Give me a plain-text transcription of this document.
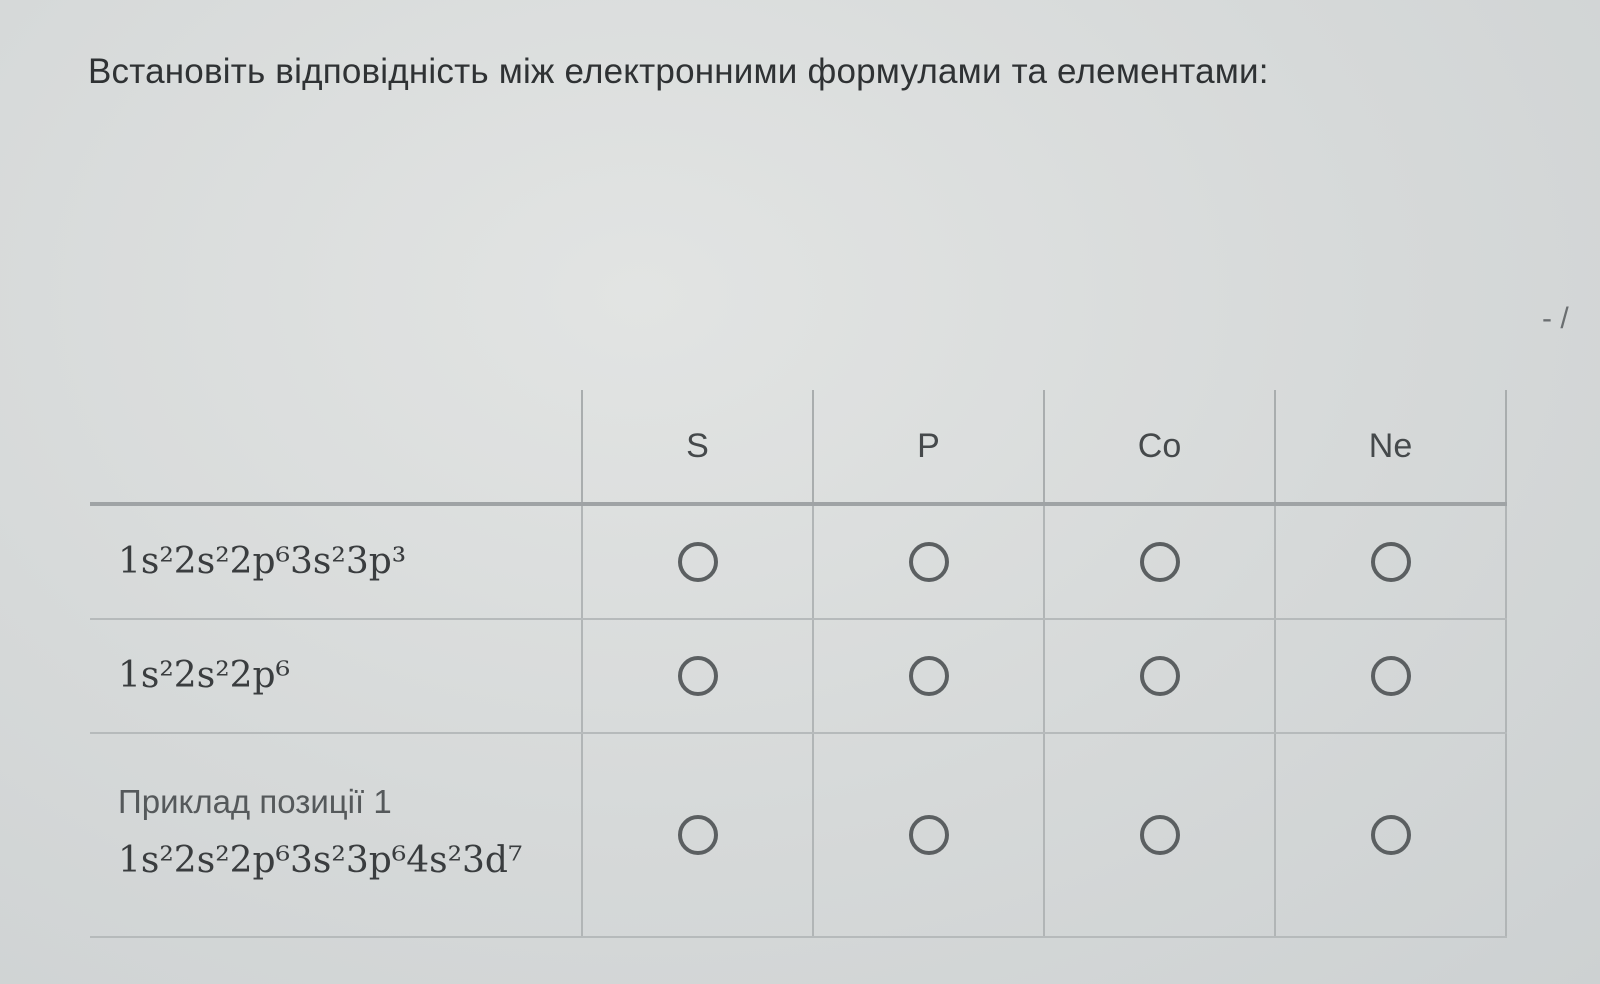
Встановіть відповідність між електронними формулами та елементами:
- /
	S	P	Co	Ne

1s²2s²2p⁶3s²3p³				

1s²2s²2p⁶				

Приклад позиції 1
1s²2s²2p⁶3s²3p⁶4s²3d⁷				
